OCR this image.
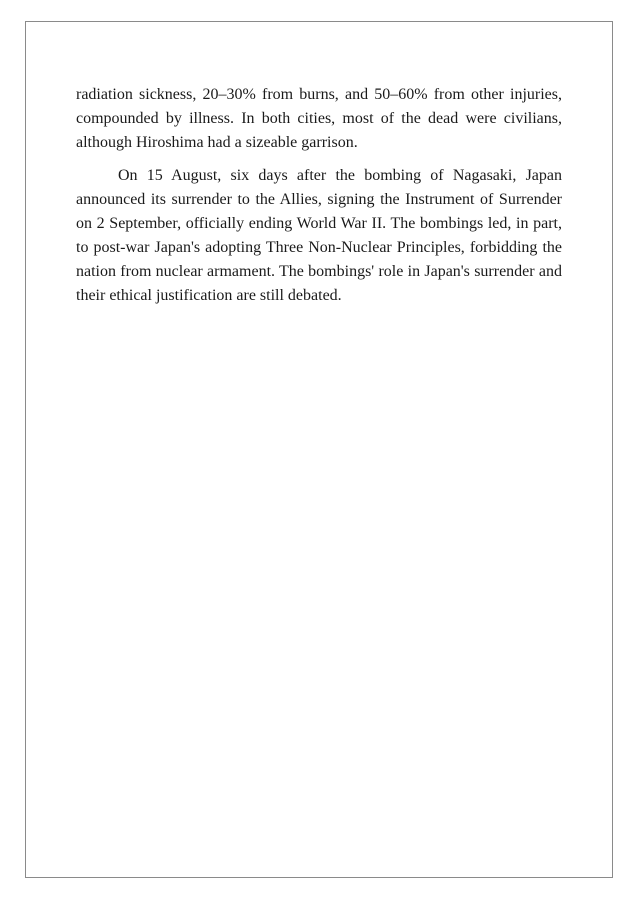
radiation sickness, 20–30% from burns, and 50–60% from other injuries, compounded by illness. In both cities, most of the dead were civilians, although Hiroshima had a sizeable garrison.

On 15 August, six days after the bombing of Nagasaki, Japan announced its surrender to the Allies, signing the Instrument of Surrender on 2 September, officially ending World War II. The bombings led, in part, to post-war Japan's adopting Three Non-Nuclear Principles, forbidding the nation from nuclear armament. The bombings' role in Japan's surrender and their ethical justification are still debated.
